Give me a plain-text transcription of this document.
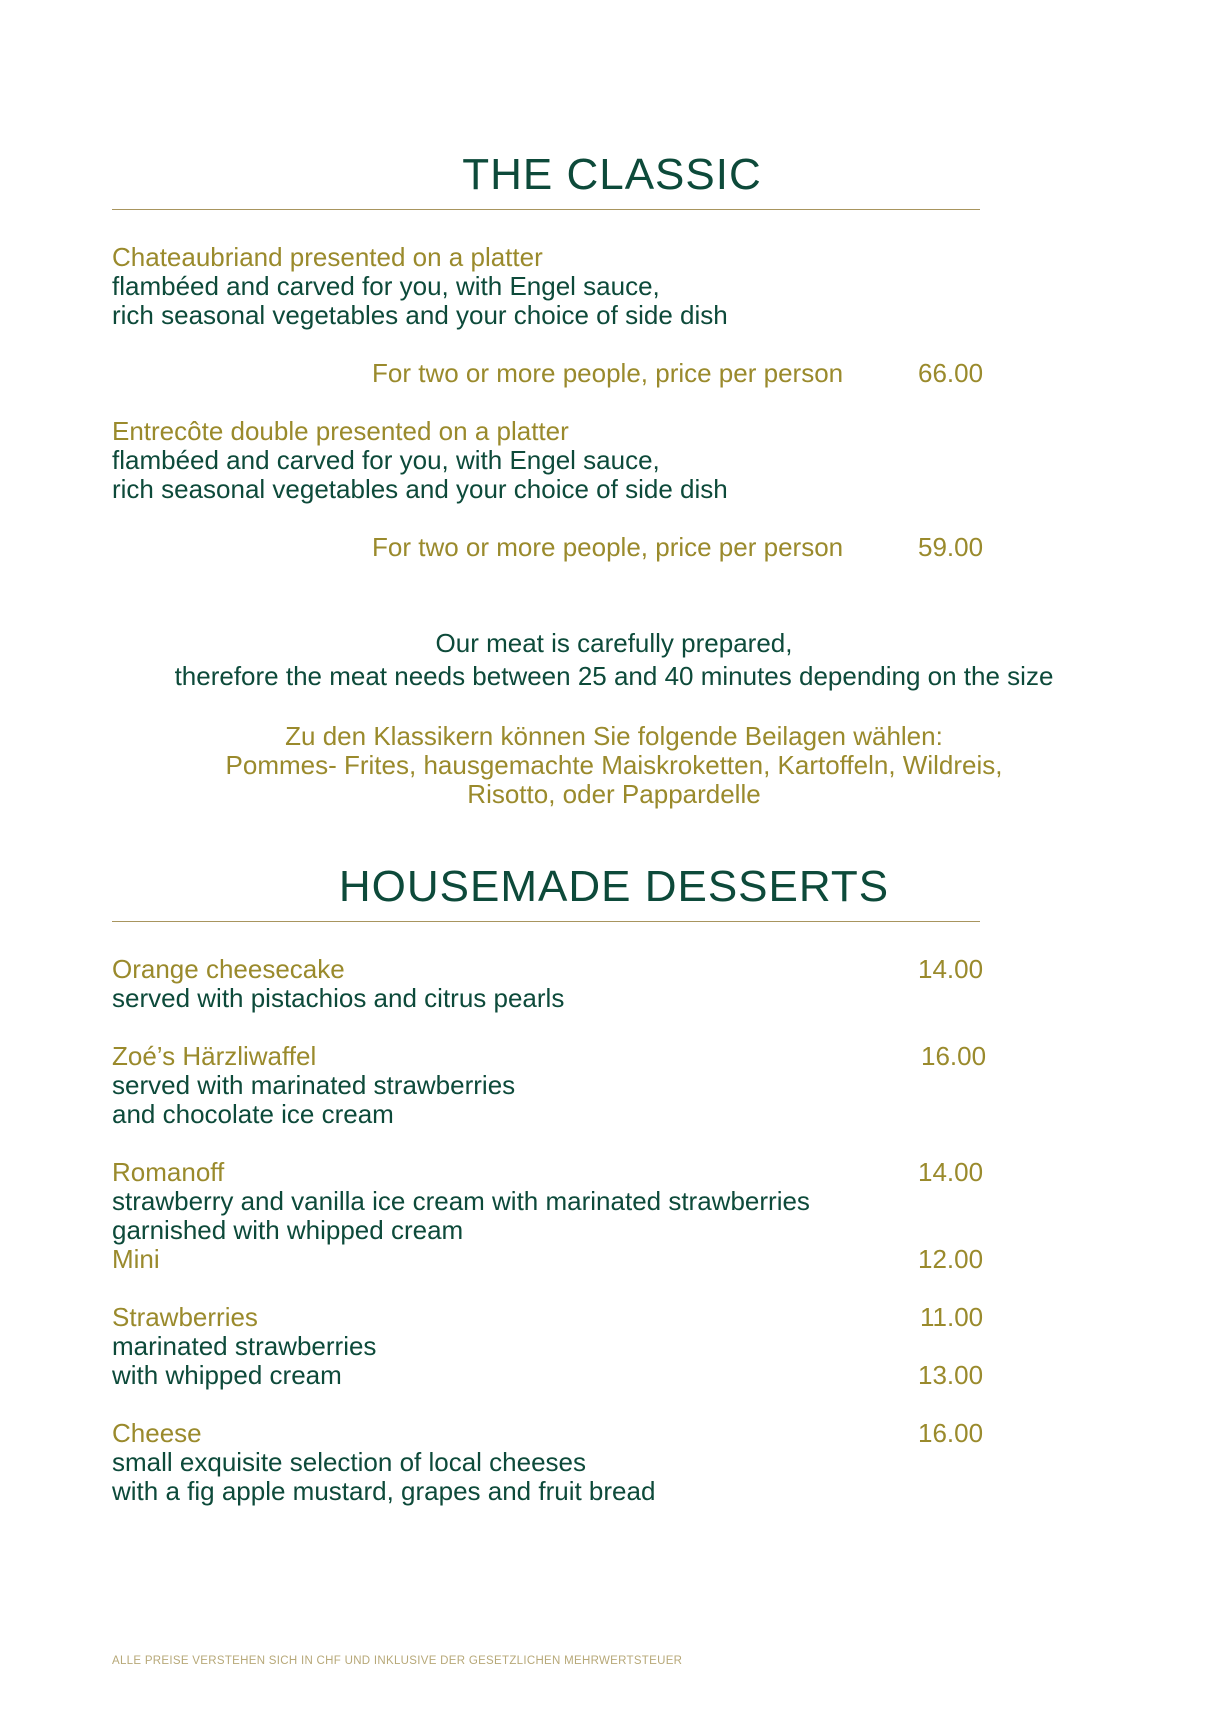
THE CLASSIC
Chateaubriand presented on a platter
flambéed and carved for you, with Engel sauce,
rich seasonal vegetables and your choice of side dish
For two or more people, price per person	66.00
Entrecôte double presented on a platter
flambéed and carved for you, with Engel sauce,
rich seasonal vegetables and your choice of side dish
For two or more people, price per person	59.00
Our meat is carefully prepared,
therefore the meat needs between 25 and 40 minutes depending on the size
Zu den Klassikern können Sie folgende Beilagen wählen:
Pommes- Frites, hausgemachte Maiskroketten, Kartoffeln, Wildreis,
Risotto, oder Pappardelle
HOUSEMADE DESSERTS
Orange cheesecake	14.00
served with pistachios and citrus pearls
Zoé’s Härzliwaffel	16.00
served with marinated strawberries
and chocolate ice cream
Romanoff	14.00
strawberry and vanilla ice cream with marinated strawberries
garnished with whipped cream
Mini	12.00
Strawberries	11.00
marinated strawberries
with whipped cream	13.00
Cheese	16.00
small exquisite selection of local cheeses
with a fig apple mustard, grapes and fruit bread
ALLE PREISE VERSTEHEN SICH IN CHF UND INKLUSIVE DER GESETZLICHEN MEHRWERTSTEUER
